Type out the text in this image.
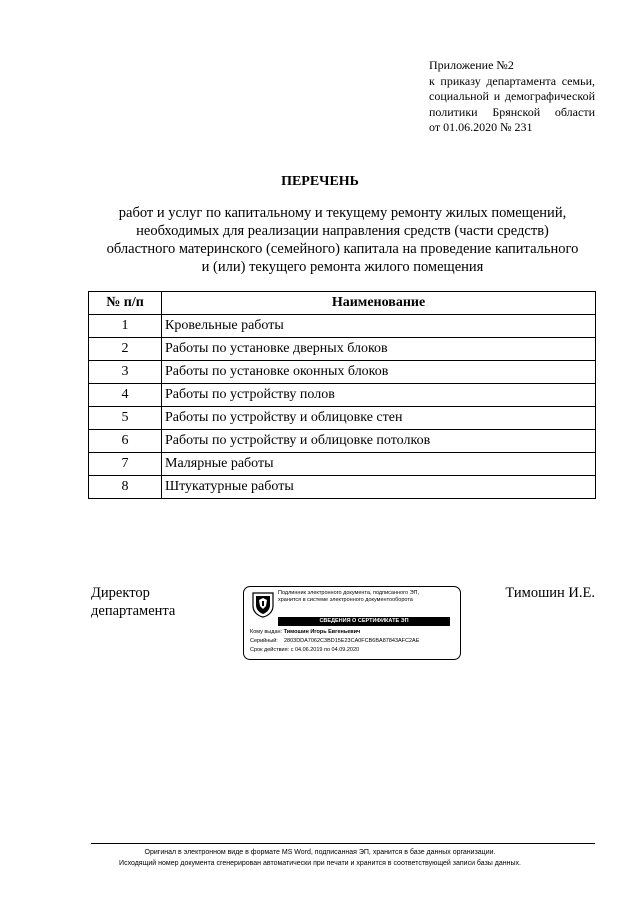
Приложение №2
к приказу департамента семьи,
социальной и демографической
политики Брянской области
от 01.06.2020 № 231
ПЕРЕЧЕНЬ
работ и услуг по капитальному и текущему ремонту жилых помещений,
необходимых для реализации направления средств (части средств)
областного материнского (семейного) капитала на проведение капитального
и (или) текущего ремонта жилого помещения
№ п/п	Наименование
1	Кровельные работы
2	Работы по установке дверных блоков
3	Работы по установке оконных блоков
4	Работы по устройству полов
5	Работы по устройству и облицовке стен
6	Работы по устройству и облицовке потолков
7	Малярные работы
8	Штукатурные работы
Директор
департамента
Подлинник электронного документа, подписанного ЭП,
хранится в системе электронного документооборота
СВЕДЕНИЯ О СЕРТИФИКАТЕ ЭП
Кому выдан: Тимошин Игорь Евгеньевич
Серийный: 2803DDA7062C3BD15E23CA0FCB6BA87843AFC2AE
Срок действия: с 04.06.2019 по 04.09.2020
Тимошин И.Е.
Оригинал в электронном виде в формате MS Word, подписанная ЭП, хранится в базе данных организации.
Исходящий номер документа сгенерирован автоматически при печати и хранится в соответствующей записи базы данных.
